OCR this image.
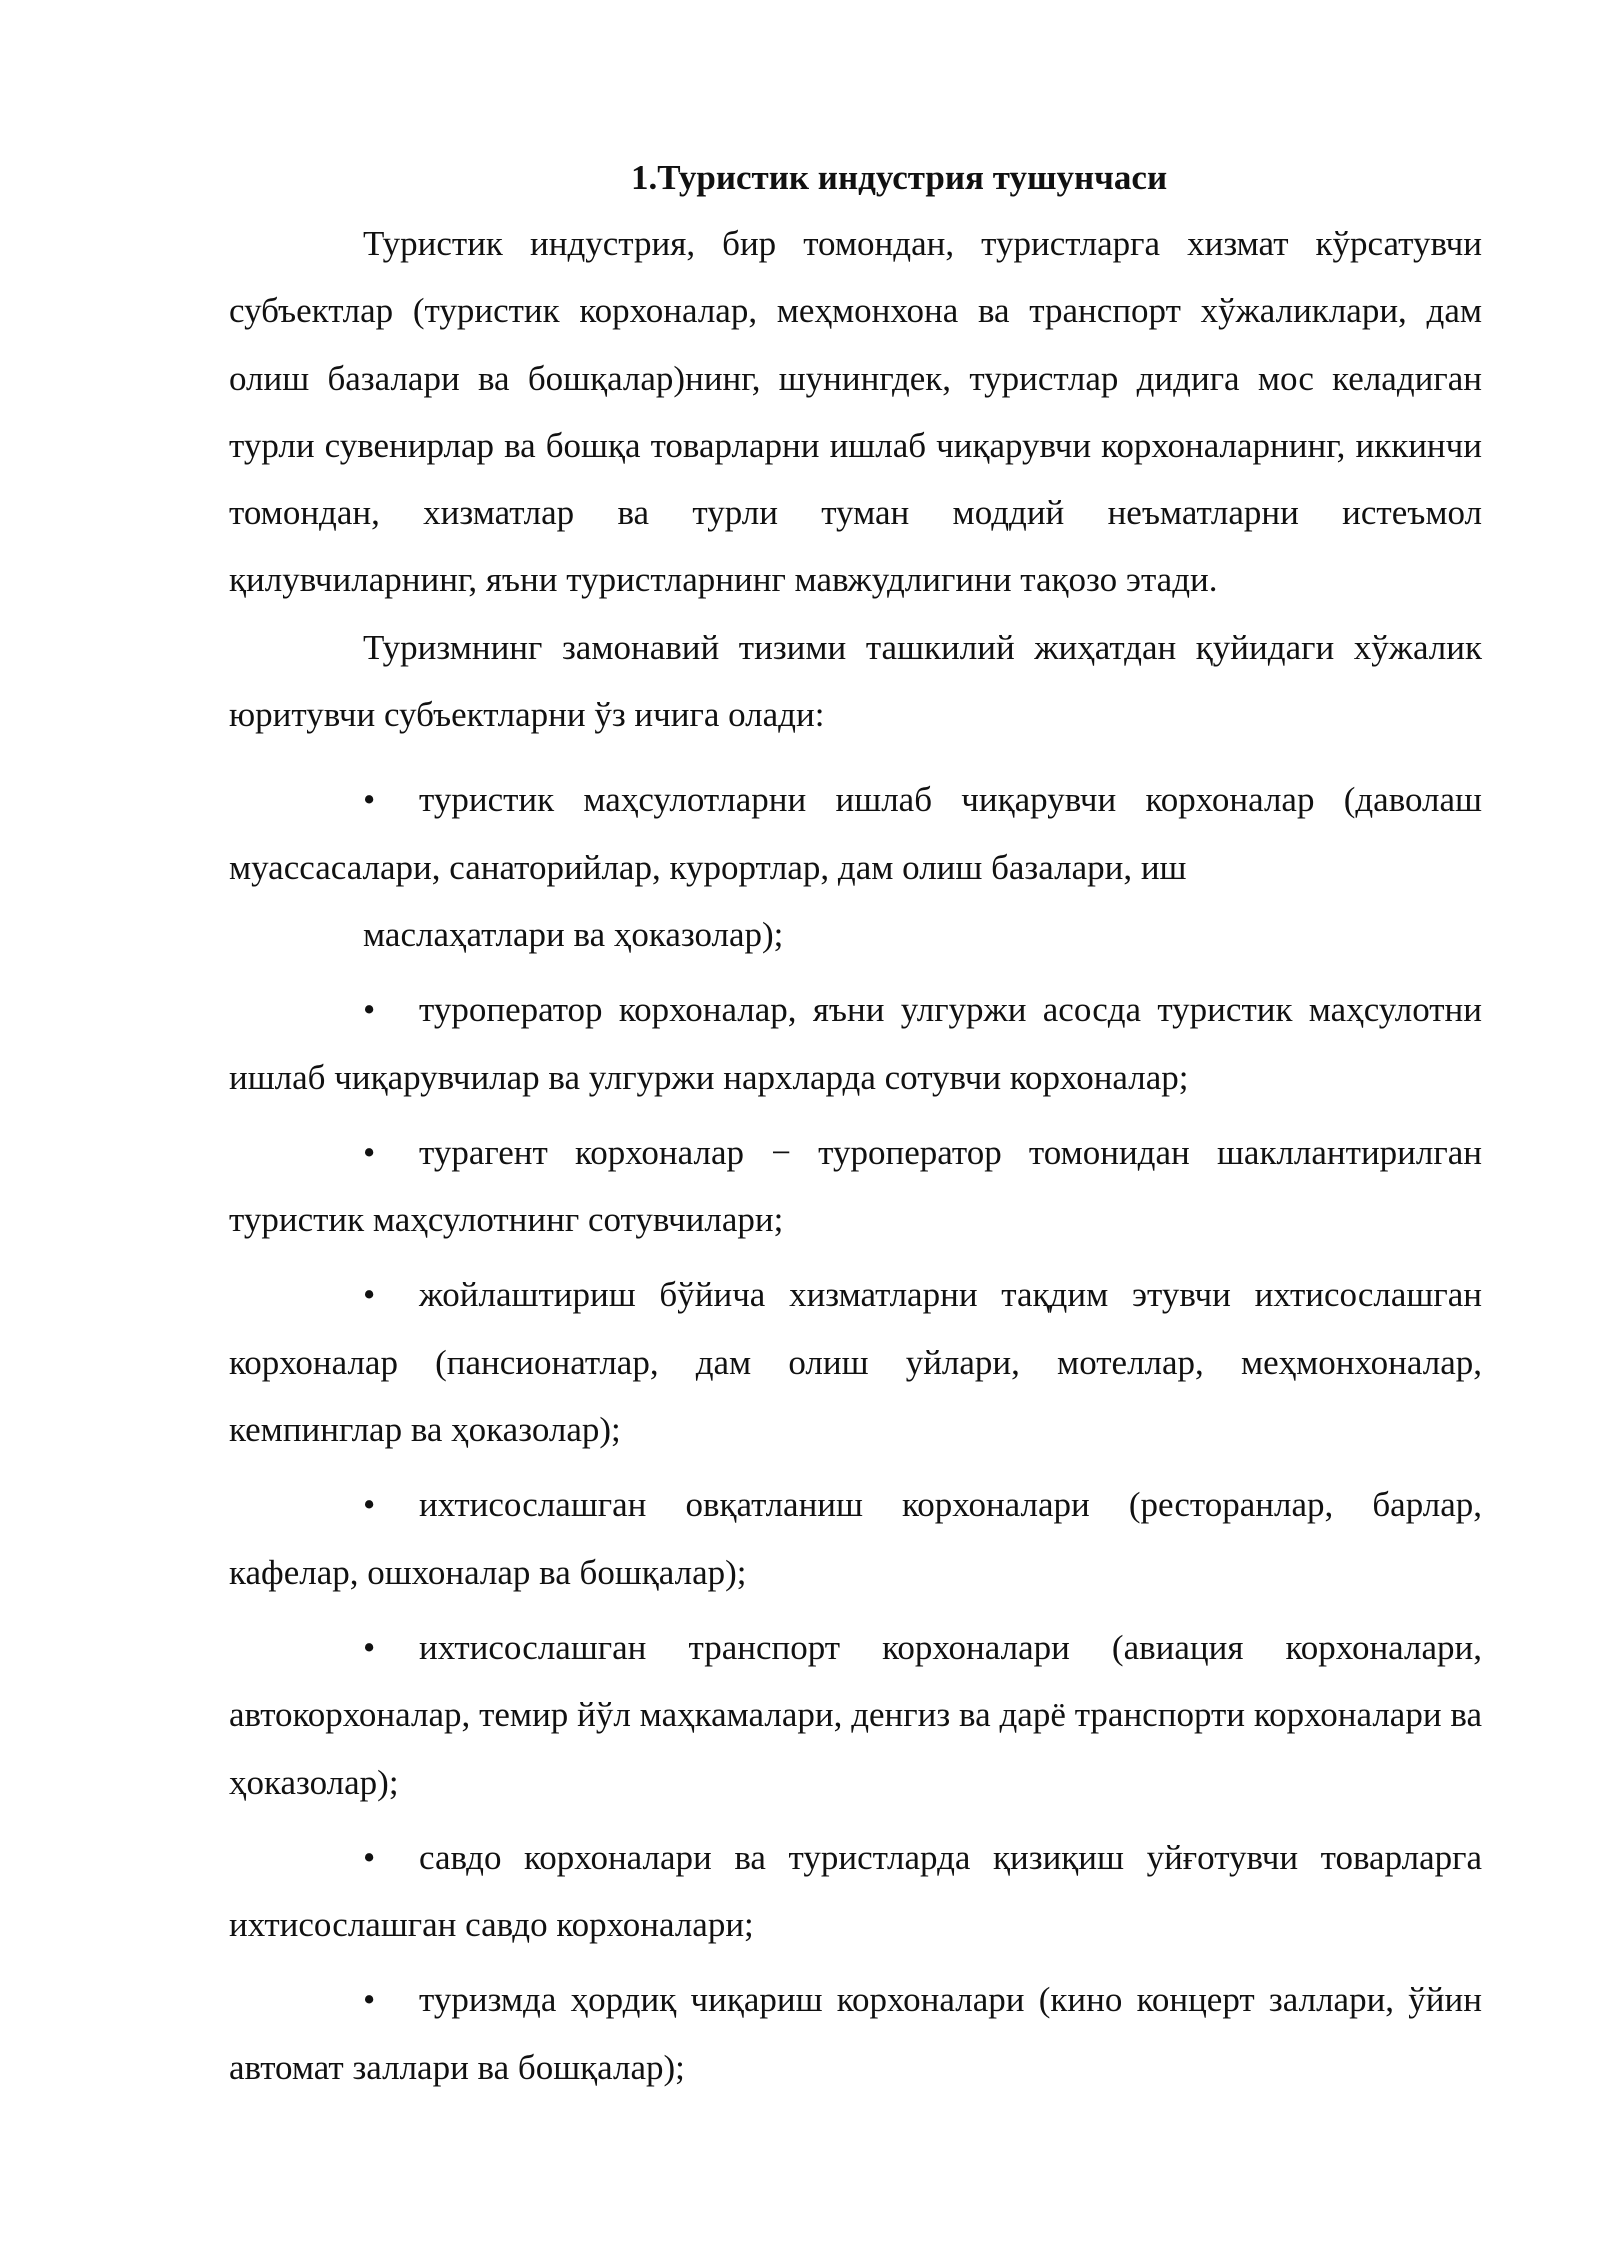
1.Туристик индустрия тушунчаси

Туристик индустрия, бир томондан, туристларга хизмат кўрсатувчи субъектлар (туристик корхоналар, меҳмонхона ва транспорт хўжаликлари, дам олиш базалари ва бошқалар)нинг, шунингдек, туристлар дидига мос келадиган турли сувенирлар ва бошқа товарларни ишлаб чиқарувчи корхоналарнинг, иккинчи томондан, хизматлар ва турли туман моддий неъматларни истеъмол қилувчиларнинг, яъни туристларнинг мавжудлигини тақозо этади.

Туризмнинг замонавий тизими ташкилий жиҳатдан қуйидаги хўжалик юритувчи субъектларни ўз ичига олади:

• туристик маҳсулотларни ишлаб чиқарувчи корхоналар (даволаш муассасалари, санаторийлар, курортлар, дам олиш базалари, иш

маслаҳатлари ва ҳоказолар);

• туроператор корхоналар, яъни улгуржи асосда туристик маҳсулотни ишлаб чиқарувчилар ва улгуржи нархларда сотувчи корхоналар;

• турагент корхоналар − туроператор томонидан шакллантирилган туристик маҳсулотнинг сотувчилари;

• жойлаштириш бўйича хизматларни тақдим этувчи ихтисослашган корхоналар (пансионатлар, дам олиш уйлари, мотеллар, меҳмонхоналар, кемпинглар ва ҳоказолар);

• ихтисослашган овқатланиш корхоналари (ресторанлар, барлар, кафелар, ошхоналар ва бошқалар);

• ихтисослашган транспорт корхоналари (авиация корхоналари, автокорхоналар, темир йўл маҳкамалари, денгиз ва дарё транспорти корхоналари ва ҳоказолар);

• савдо корхоналари ва туристларда қизиқиш уйғотувчи товарларга ихтисослашган савдо корхоналари;

• туризмда ҳордиқ чиқариш корхоналари (кино концерт заллари, ўйин автомат заллари ва бошқалар);
